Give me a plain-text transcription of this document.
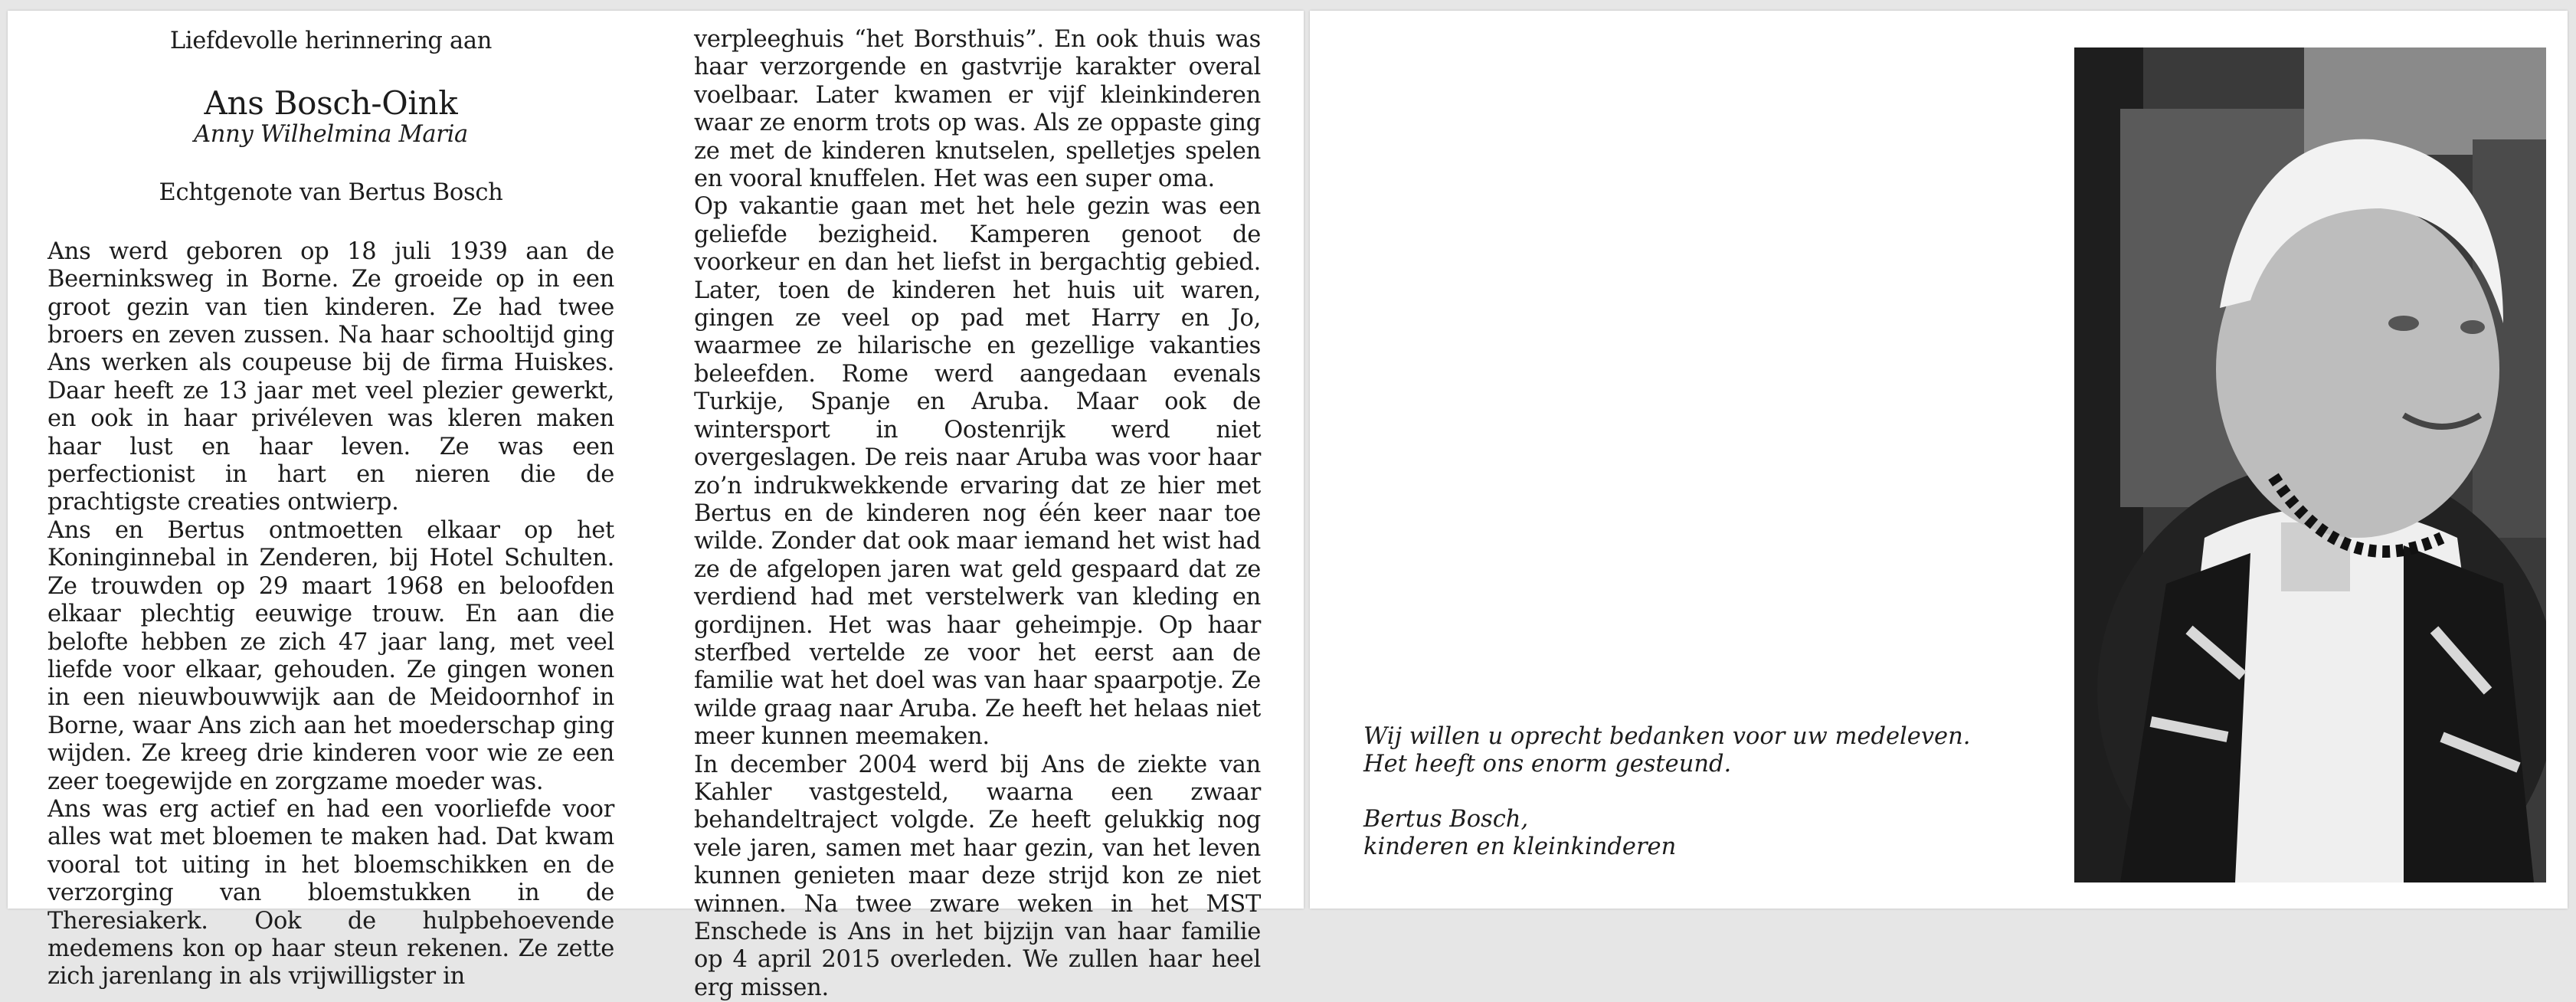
Liefdevolle herinnering aan
Ans Bosch-Oink
Anny Wilhelmina Maria
Echtgenote van Bertus Bosch

Ans werd geboren op 18 juli 1939 aan de Beerninksweg in Borne. Ze groeide op in een groot gezin van tien kinderen. Ze had twee broers en zeven zussen. Na haar schooltijd ging Ans werken als coupeuse bij de firma Huiskes. Daar heeft ze 13 jaar met veel plezier gewerkt, en ook in haar privéleven was kleren maken haar lust en haar leven. Ze was een perfectionist in hart en nieren die de prachtigste creaties ontwierp.

Ans en Bertus ontmoetten elkaar op het Koninginnebal in Zenderen, bij Hotel Schulten. Ze trouwden op 29 maart 1968 en beloofden elkaar plechtig eeuwige trouw. En aan die belofte hebben ze zich 47 jaar lang, met veel liefde voor elkaar, gehouden. Ze gingen wonen in een nieuwbouwwijk aan de Meidoornhof in Borne, waar Ans zich aan het moederschap ging wijden. Ze kreeg drie kinderen voor wie ze een zeer toegewijde en zorgzame moeder was.

Ans was erg actief en had een voorliefde voor alles wat met bloemen te maken had. Dat kwam vooral tot uiting in het bloemschikken en de verzorging van bloemstukken in de Theresiakerk. Ook de hulpbehoevende medemens kon op haar steun rekenen. Ze zette zich jarenlang in als vrijwilligster in

verpleeghuis “het Borsthuis”. En ook thuis was haar verzorgende en gastvrije karakter overal voelbaar. Later kwamen er vijf kleinkinderen waar ze enorm trots op was. Als ze oppaste ging ze met de kinderen knutselen, spelletjes spelen en vooral knuffelen. Het was een super oma.

Op vakantie gaan met het hele gezin was een geliefde bezigheid. Kamperen genoot de voorkeur en dan het liefst in bergachtig gebied. Later, toen de kinderen het huis uit waren, gingen ze veel op pad met Harry en Jo, waarmee ze hilarische en gezellige vakanties beleefden. Rome werd aangedaan evenals Turkije, Spanje en Aruba. Maar ook de wintersport in Oostenrijk werd niet overgeslagen. De reis naar Aruba was voor haar zo’n indrukwekkende ervaring dat ze hier met Bertus en de kinderen nog één keer naar toe wilde. Zonder dat ook maar iemand het wist had ze de afgelopen jaren wat geld gespaard dat ze verdiend had met verstelwerk van kleding en gordijnen. Het was haar geheimpje. Op haar sterfbed vertelde ze voor het eerst aan de familie wat het doel was van haar spaarpotje. Ze wilde graag naar Aruba. Ze heeft het helaas niet meer kunnen meemaken.

In december 2004 werd bij Ans de ziekte van Kahler vastgesteld, waarna een zwaar behandeltraject volgde. Ze heeft gelukkig nog vele jaren, samen met haar gezin, van het leven kunnen genieten maar deze strijd kon ze niet winnen. Na twee zware weken in het MST Enschede is Ans in het bijzijn van haar familie op 4 april 2015 overleden. We zullen haar heel erg missen.

Wij willen u oprecht bedanken voor uw medeleven.

Het heeft ons enorm gesteund.

Bertus Bosch,

kinderen en kleinkinderen
